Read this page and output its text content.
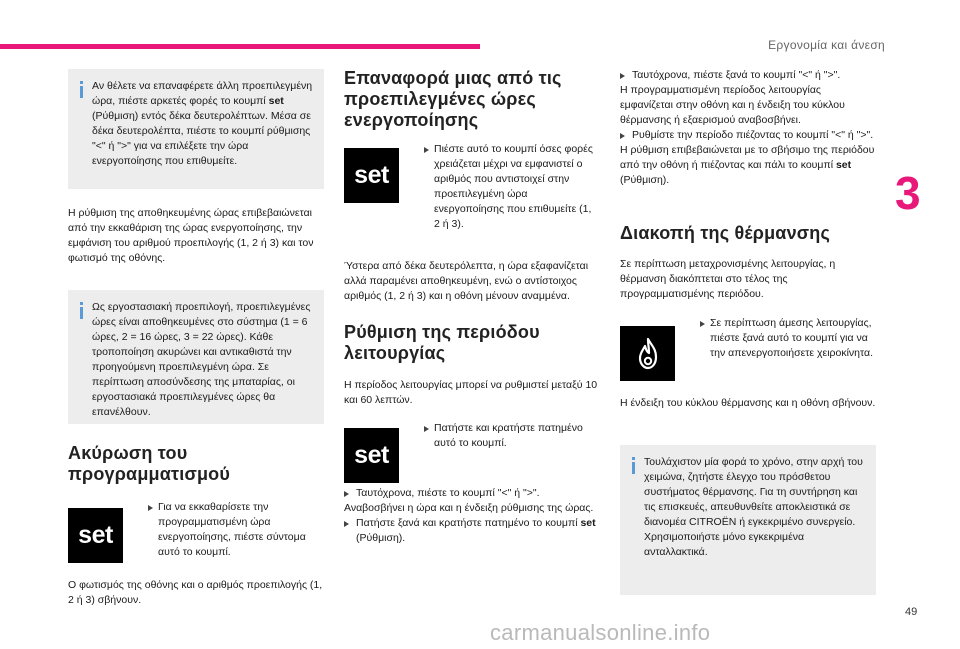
Εργονομία και άνεση
3
49
carmanualsonline.info
Αν θέλετε να επαναφέρετε άλλη προεπιλεγμένη ώρα, πιέστε αρκετές φορές το κουμπί set (Ρύθμιση) εντός δέκα δευτερολέπτων. Μέσα σε δέκα δευτερολέπτα, πιέστε το κουμπί ρύθμισης "<" ή ">" για να επιλέξετε την ώρα ενεργοποίησης που επιθυμείτε.
Η ρύθμιση της αποθηκευμένης ώρας επιβεβαιώνεται από την εκκαθάριση της ώρας ενεργοποίησης, την εμφάνιση του αριθμού προεπιλογής (1, 2 ή 3) και τον φωτισμό της οθόνης.
Ως εργοστασιακή προεπιλογή, προεπιλεγμένες ώρες είναι αποθηκευμένες στο σύστημα (1 = 6 ώρες, 2 = 16 ώρες, 3 = 22 ώρες). Κάθε τροποποίηση ακυρώνει και αντικαθιστά την προηγούμενη προεπιλεγμένη ώρα. Σε περίπτωση αποσύνδεσης της μπαταρίας, οι εργοστασιακά προεπιλεγμένες ώρες θα επανέλθουν.
Ακύρωση του προγραμματισμού
set
Για να εκκαθαρίσετε την προγραμματισμένη ώρα ενεργοποίησης, πιέστε σύντομα αυτό το κουμπί.
Ο φωτισμός της οθόνης και ο αριθμός προεπιλογής (1, 2 ή 3) σβήνουν.
Επαναφορά μιας από τις προεπιλεγμένες ώρες ενεργοποίησης
set
Πιέστε αυτό το κουμπί όσες φορές χρειάζεται μέχρι να εμφανιστεί ο αριθμός που αντιστοιχεί στην προεπιλεγμένη ώρα ενεργοποίησης που επιθυμείτε (1, 2 ή 3).
Ύστερα από δέκα δευτερόλεπτα, η ώρα εξαφανίζεται αλλά παραμένει αποθηκευμένη, ενώ ο αντίστοιχος αριθμός (1, 2 ή 3) και η οθόνη μένουν αναμμένα.
Ρύθμιση της περιόδου λειτουργίας
Η περίοδος λειτουργίας μπορεί να ρυθμιστεί μεταξύ 10 και 60 λεπτών.
set
Πατήστε και κρατήστε πατημένο αυτό το κουμπί.
Ταυτόχρονα, πιέστε το κουμπί "<" ή ">".
Αναβοσβήνει η ώρα και η ένδειξη ρύθμισης της ώρας.
Πατήστε ξανά και κρατήστε πατημένο το κουμπί set (Ρύθμιση).
Ταυτόχρονα, πιέστε ξανά το κουμπί "<" ή ">".
Η προγραμματισμένη περίοδος λειτουργίας εμφανίζεται στην οθόνη και η ένδειξη του κύκλου θέρμανσης ή εξαερισμού αναβοσβήνει.
Ρυθμίστε την περίοδο πιέζοντας το κουμπί "<" ή ">".
Η ρύθμιση επιβεβαιώνεται με το σβήσιμο της περιόδου από την οθόνη ή πιέζοντας και πάλι το κουμπί set (Ρύθμιση).
Διακοπή της θέρμανσης
Σε περίπτωση μεταχρονισμένης λειτουργίας, η θέρμανση διακόπτεται στο τέλος της προγραμματισμένης περιόδου.
Σε περίπτωση άμεσης λειτουργίας, πιέστε ξανά αυτό το κουμπί για να την απενεργοποιήσετε χειροκίνητα.
Η ένδειξη του κύκλου θέρμανσης και η οθόνη σβήνουν.
Τουλάχιστον μία φορά το χρόνο, στην αρχή του χειμώνα, ζητήστε έλεγχο του πρόσθετου συστήματος θέρμανσης. Για τη συντήρηση και τις επισκευές, απευθυνθείτε αποκλειστικά σε διανομέα CITROËN ή εγκεκριμένο συνεργείο. Χρησιμοποιήστε μόνο εγκεκριμένα ανταλλακτικά.
